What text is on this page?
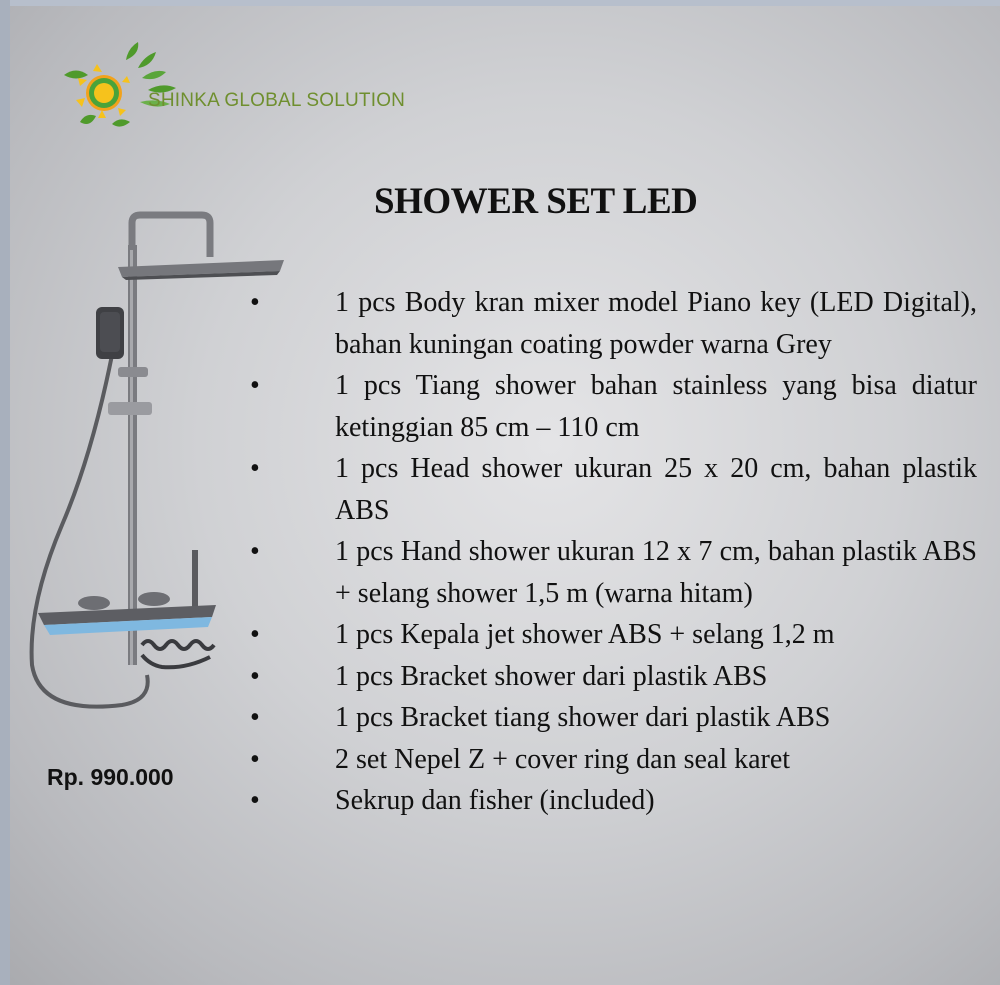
SHINKA GLOBAL SOLUTION
SHOWER SET LED
Rp. 990.000
•	1 pcs Body kran mixer model Piano key (LED Digital), bahan kuningan coating powder warna Grey
•	1 pcs Tiang shower bahan stainless yang bisa diatur ketinggian 85 cm – 110 cm
•	1 pcs Head shower ukuran 25 x 20 cm, bahan plastik ABS
•	1 pcs Hand shower ukuran 12 x 7 cm, bahan plastik ABS + selang shower 1,5 m (warna hitam)
•	1 pcs Kepala jet shower ABS + selang 1,2 m
•	1 pcs Bracket shower dari plastik ABS
•	1 pcs Bracket tiang shower dari plastik ABS
•	2 set Nepel Z + cover ring dan seal karet
•	Sekrup dan fisher (included)
